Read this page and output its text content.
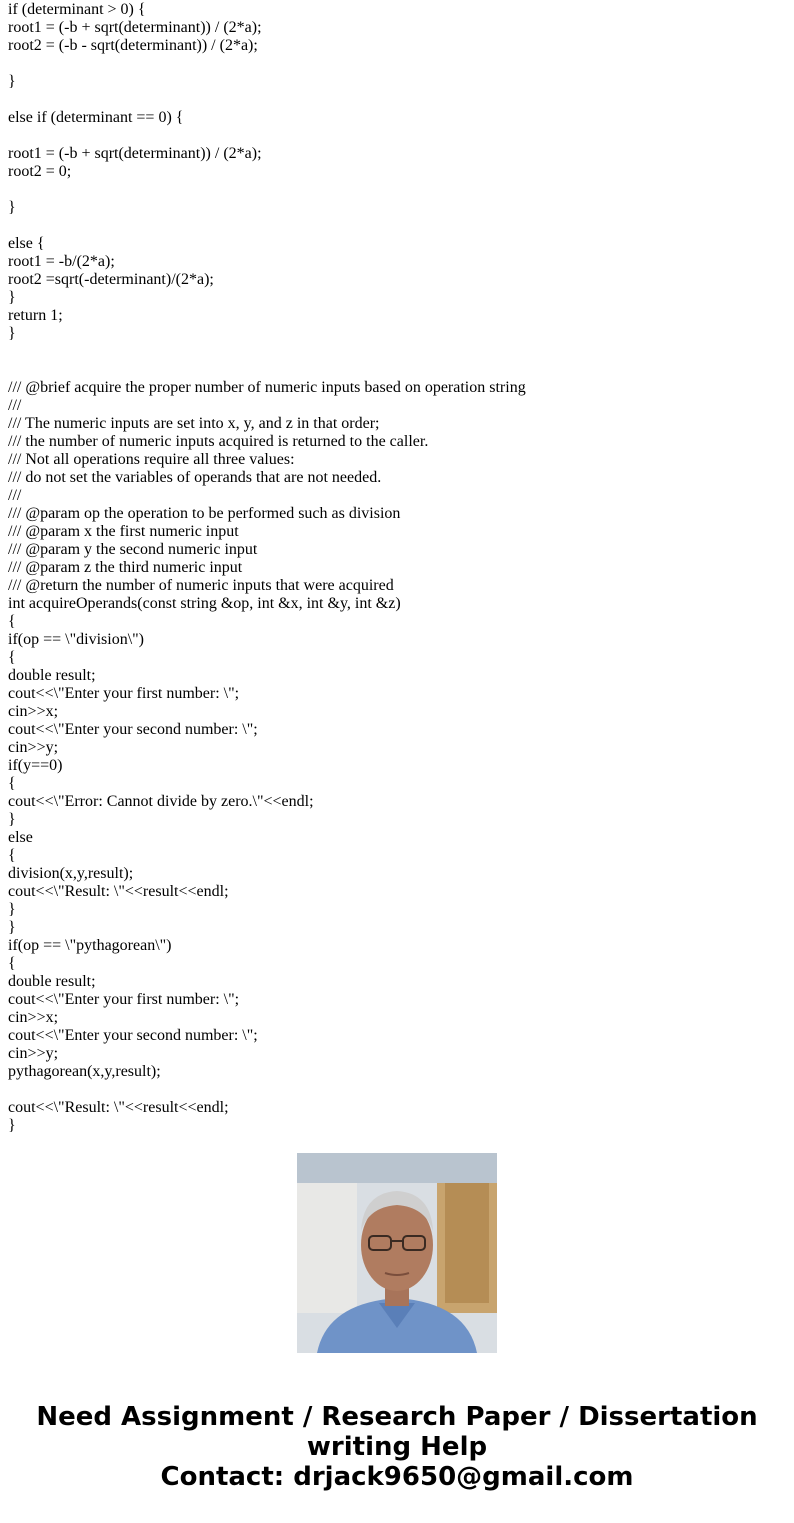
if (determinant > 0) {
root1 = (-b + sqrt(determinant)) / (2*a);
root2 = (-b - sqrt(determinant)) / (2*a);
}
else if (determinant == 0) {
root1 = (-b + sqrt(determinant)) / (2*a);
root2 = 0;
}
else {
root1 = -b/(2*a);
root2 =sqrt(-determinant)/(2*a);
}
return 1;
}
/// @brief acquire the proper number of numeric inputs based on operation string
///
/// The numeric inputs are set into x, y, and z in that order;
/// the number of numeric inputs acquired is returned to the caller.
/// Not all operations require all three values:
/// do not set the variables of operands that are not needed.
///
/// @param op the operation to be performed such as division
/// @param x the first numeric input
/// @param y the second numeric input
/// @param z the third numeric input
/// @return the number of numeric inputs that were acquired
int acquireOperands(const string &op, int &x, int &y, int &z)
{
if(op == \"division\")
{
double result;
cout<<\"Enter your first number: \";
cin>>x;
cout<<\"Enter your second number: \";
cin>>y;
if(y==0)
{
cout<<\"Error: Cannot divide by zero.\"<<endl;
}
else
{
division(x,y,result);
cout<<\"Result: \"<<result<<endl;
}
}
if(op == \"pythagorean\")
{
double result;
cout<<\"Enter your first number: \";
cin>>x;
cout<<\"Enter your second number: \";
cin>>y;
pythagorean(x,y,result);
cout<<\"Result: \"<<result<<endl;
}
Need Assignment / Research Paper / Dissertation
writing Help
Contact: drjack9650@gmail.com
